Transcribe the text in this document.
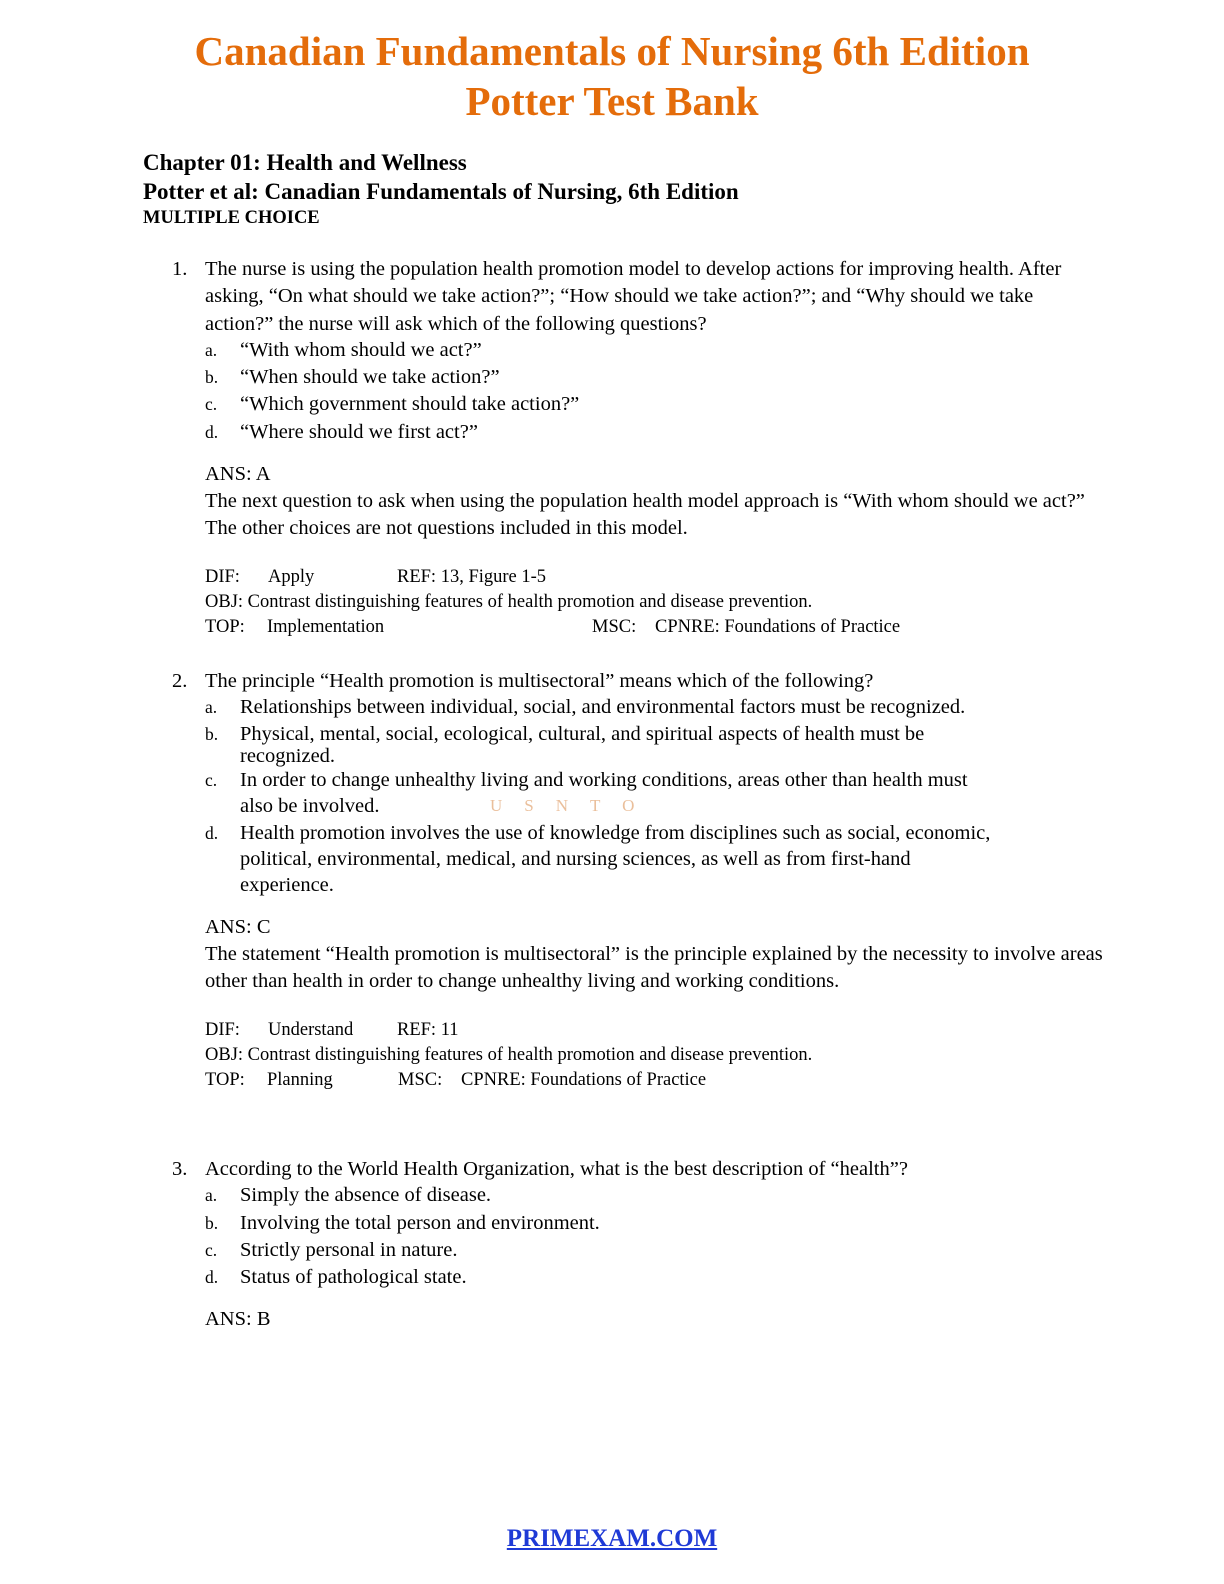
Canadian Fundamentals of Nursing 6th Edition
Potter Test Bank
Chapter 01: Health and Wellness
Potter et al: Canadian Fundamentals of Nursing, 6th Edition
MULTIPLE CHOICE
1. The nurse is using the population health promotion model to develop actions for improving health. After asking, “On what should we take action?”; “How should we take action?”; and “Why should we take action?” the nurse will ask which of the following questions?
a.	“With whom should we act?”
b.	“When should we take action?”
c.	“Which government should take action?”
d.	“Where should we first act?”
ANS: A
The next question to ask when using the population health model approach is “With whom should we act?” The other choices are not questions included in this model.
DIF: Apply	REF: 13, Figure 1-5
OBJ: Contrast distinguishing features of health promotion and disease prevention.
TOP: Implementation	MSC: CPNRE: Foundations of Practice
2. The principle “Health promotion is multisectoral” means which of the following?
a.	Relationships between individual, social, and environmental factors must be recognized.
b.	Physical, mental, social, ecological, cultural, and spiritual aspects of health must be recognized.
c.	In order to change unhealthy living and working conditions, areas other than health must also be involved.
d.	Health promotion involves the use of knowledge from disciplines such as social, economic, political, environmental, medical, and nursing sciences, as well as from first-hand experience.
ANS: C
The statement “Health promotion is multisectoral” is the principle explained by the necessity to involve areas other than health in order to change unhealthy living and working conditions.
DIF: Understand REF: 11
OBJ: Contrast distinguishing features of health promotion and disease prevention.
TOP: Planning	MSC: CPNRE: Foundations of Practice
3. According to the World Health Organization, what is the best description of “health”?
a.	Simply the absence of disease.
b.	Involving the total person and environment.
c.	Strictly personal in nature.
d.	Status of pathological state.
ANS: B
USNTO
PRIMEXAM.COM
